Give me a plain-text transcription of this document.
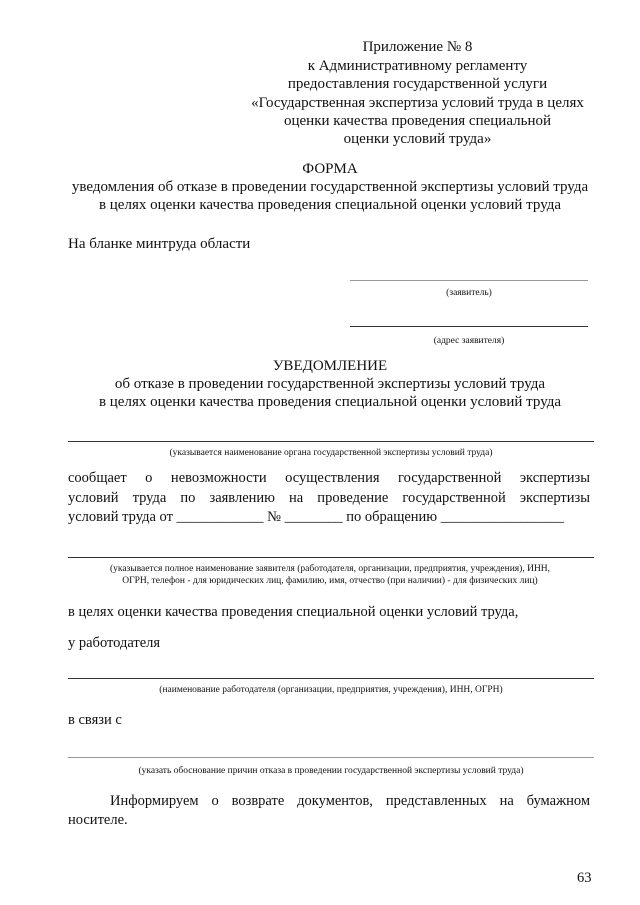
Приложение № 8
к Административному регламенту
предоставления государственной услуги
«Государственная экспертиза условий труда в целях
оценки качества проведения специальной
оценки условий труда»
ФОРМА
уведомления об отказе в проведении государственной экспертизы условий труда
в целях оценки качества проведения специальной оценки условий труда
На бланке минтруда области
(заявитель)
(адрес заявителя)
УВЕДОМЛЕНИЕ
об отказе в проведении государственной экспертизы условий труда
в целях оценки качества проведения специальной оценки условий труда
(указывается наименование органа государственной экспертизы условий труда)
сообщает о невозможности осуществления государственной экспертизы
условий труда по заявлению на проведение государственной экспертизы
условий труда от ____________ № ________ по обращению _________________
(указывается полное наименование заявителя (работодателя, организации, предприятия, учреждения), ИНН,
ОГРН, телефон - для юридических лиц, фамилию, имя, отчество (при наличии) - для физических лиц)
в целях оценки качества проведения специальной оценки условий труда,
у работодателя
(наименование работодателя (организации, предприятия, учреждения), ИНН, ОГРН)
в связи с
(указать обоснование причин отказа в проведении государственной экспертизы условий труда)
Информируем о возврате документов, представленных на бумажном
носителе.
63
